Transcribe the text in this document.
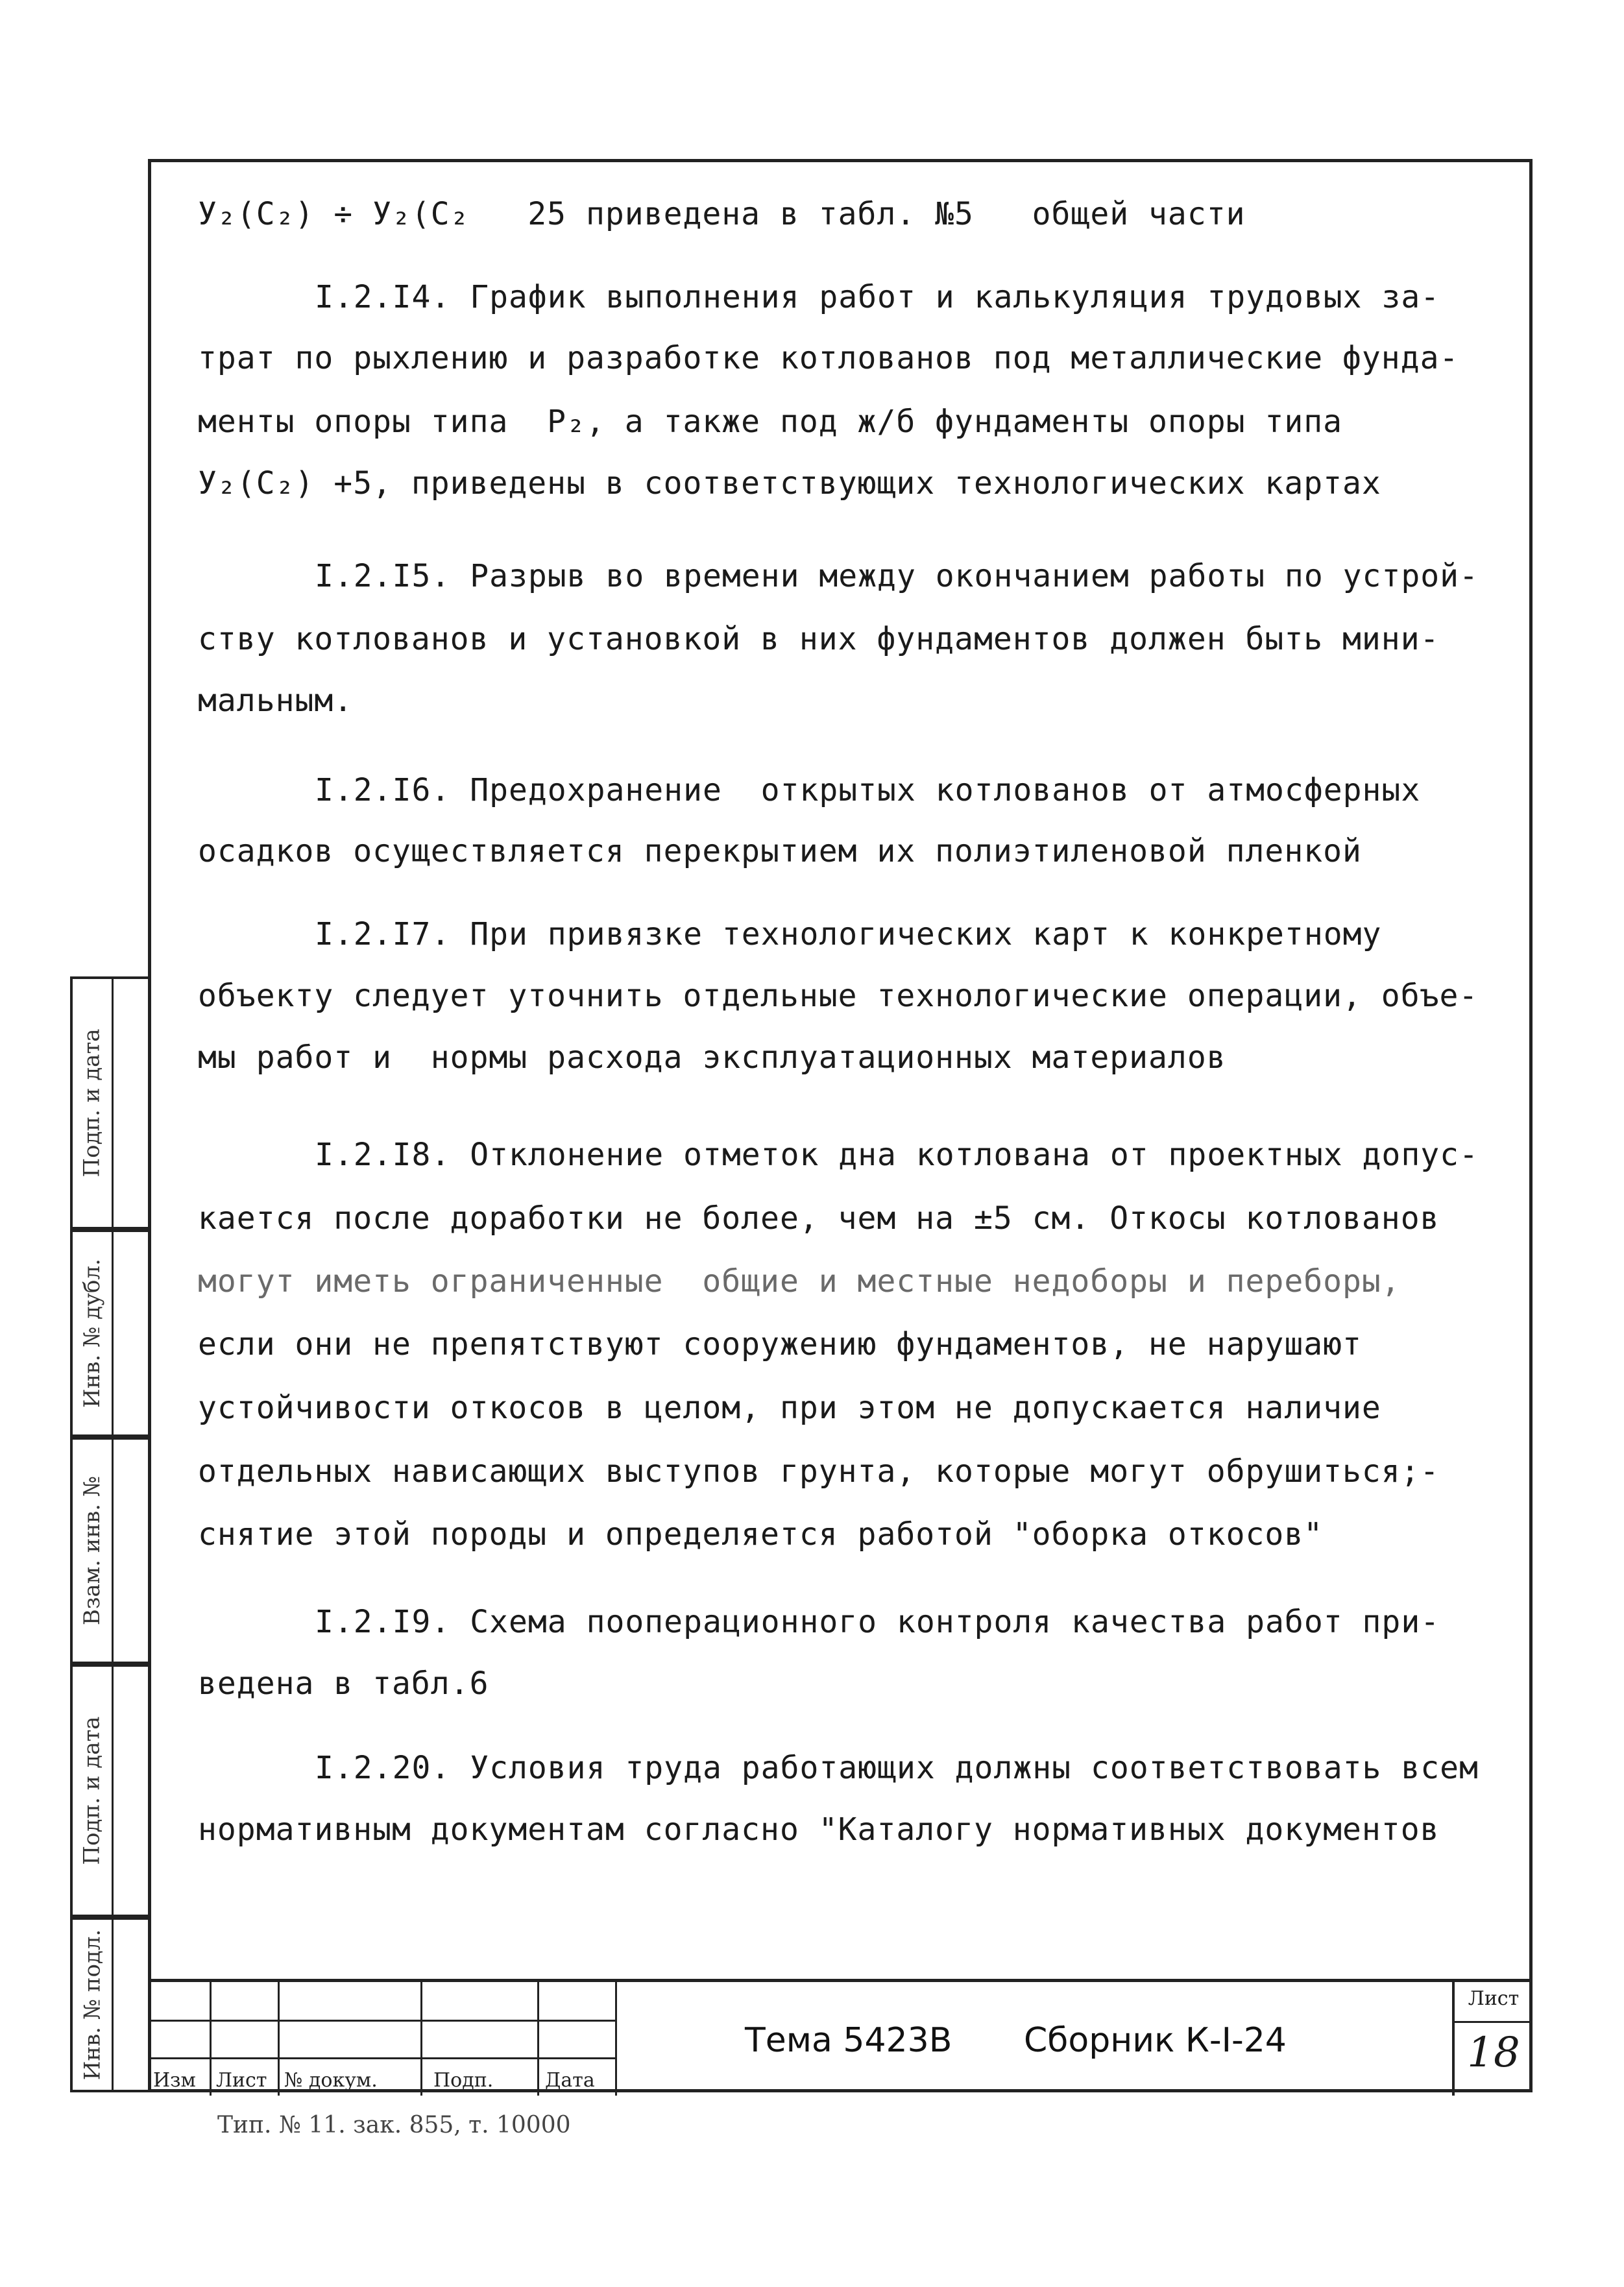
У₂(С₂) ÷ У₂(С₂   25 приведена в табл. №5   общей части
I.2.I4. График выполнения работ и калькуляция трудовых за-
трат по рыхлению и разработке котлованов под металлические фунда-
менты опоры типа  Р₂, а также под ж/б фундаменты опоры типа
У₂(С₂) +5, приведены в соответствующих технологических картах
I.2.I5. Разрыв во времени между окончанием работы по устрой-
ству котлованов и установкой в них фундаментов должен быть мини-
мальным.
I.2.I6. Предохранение  открытых котлованов от атмосферных
осадков осуществляется перекрытием их полиэтиленовой пленкой
I.2.I7. При привязке технологических карт к конкретному
объекту следует уточнить отдельные технологические операции, объе-
мы работ и  нормы расхода эксплуатационных материалов
I.2.I8. Отклонение отметок дна котлована от проектных допус-
кается после доработки не более, чем на ±5 см. Откосы котлованов
могут иметь ограниченные  общие и местные недоборы и переборы,
если они не препятствуют сооружению фундаментов, не нарушают
устойчивости откосов в целом, при этом не допускается наличие
отдельных нависающих выступов грунта, которые могут обрушиться;-
снятие этой породы и определяется работой "оборка откосов"
I.2.I9. Схема пооперационного контроля качества работ при-
ведена в табл.6
I.2.20. Условия труда работающих должны соответствовать всем
нормативным документам согласно "Каталогу нормативных документов
Подп. и дата
Инв. № дубл.
Взам. инв. №
Подп. и дата
Инв. № подл.
Изм Лист № докум.	Подп.	Дата
Тема 5423В Сборник К-I-24
Лист
18
Тип. № 11. зак. 855, т. 10000
